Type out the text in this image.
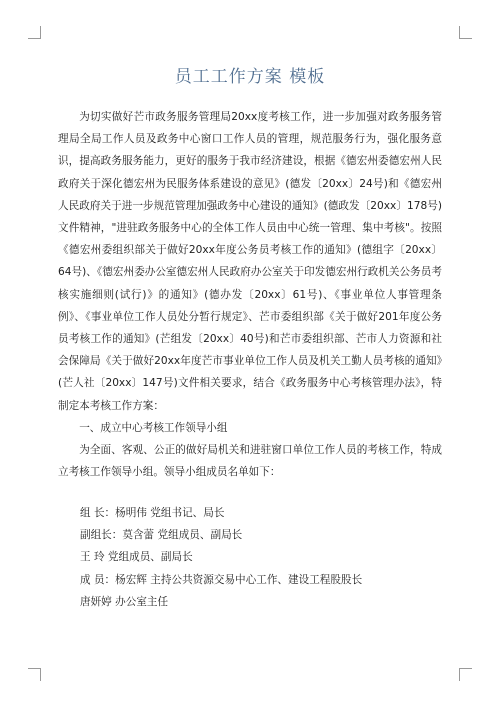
员工工作方案 模板

为切实做好芒市政务服务管理局20xx度考核工作，进一步加强对政务服务管理局全局工作人员及政务中心窗口工作人员的管理，规范服务行为，强化服务意识，提高政务服务能力，更好的服务于我市经济建设，根据《德宏州委德宏州人民政府关于深化德宏州为民服务体系建设的意见》(德发〔20xx〕24号)和《德宏州人民政府关于进一步规范管理加强政务中心建设的通知》(德政发〔20xx〕178号)文件精神，"进驻政务服务中心的全体工作人员由中心统一管理、集中考核"。按照《德宏州委组织部关于做好20xx年度公务员考核工作的通知》(德组字〔20xx〕64号)、《德宏州委办公室德宏州人民政府办公室关于印发德宏州行政机关公务员考核实施细则(试行)》的通知》(德办发〔20xx〕61号)、《事业单位人事管理条例》、《事业单位工作人员处分暂行规定》、芒市委组织部《关于做好201年度公务员考核工作的通知》(芒组发〔20xx〕40号)和芒市委组织部、芒市人力资源和社会保障局《关于做好20xx年度芒市事业单位工作人员及机关工勤人员考核的通知》(芒人社〔20xx〕147号)文件相关要求，结合《政务服务中心考核管理办法》，特制定本考核工作方案：

一、成立中心考核工作领导小组

为全面、客观、公正的做好局机关和进驻窗口单位工作人员的考核工作，特成立考核工作领导小组。领导小组成员名单如下：

组 长：杨明伟 党组书记、局长
副组长：莫含蕾 党组成员、副局长
王 玲 党组成员、副局长
成 员：杨宏辉 主持公共资源交易中心工作、建设工程股股长
唐妍婷 办公室主任
